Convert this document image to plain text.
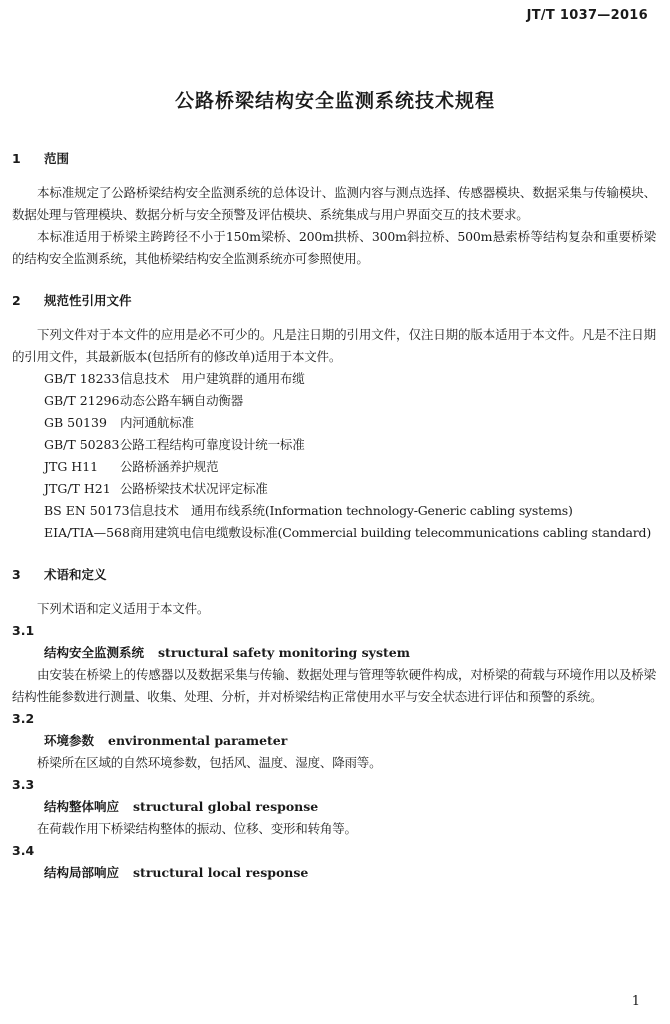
JT/T 1037—2016
公路桥梁结构安全监测系统技术规程
1 范围

本标准规定了公路桥梁结构安全监测系统的总体设计、监测内容与测点选择、传感器模块、数据采集与传输模块、数据处理与管理模块、数据分析与安全预警及评估模块、系统集成与用户界面交互的技术要求。

本标准适用于桥梁主跨跨径不小于150m梁桥、200m拱桥、300m斜拉桥、500m悬索桥等结构复杂和重要桥梁的结构安全监测系统，其他桥梁结构安全监测系统亦可参照使用。

2 规范性引用文件

下列文件对于本文件的应用是必不可少的。凡是注日期的引用文件，仅注日期的版本适用于本文件。凡是不注日期的引用文件，其最新版本(包括所有的修改单)适用于本文件。

GB/T 18233 信息技术　用户建筑群的通用布缆
GB/T 21296 动态公路车辆自动衡器
GB 50139	内河通航标准
GB/T 50283 公路工程结构可靠度设计统一标准
JTG H11	公路桥涵养护规范
JTG/T H21 公路桥梁技术状况评定标准
BS EN 50173 信息技术　通用布线系统(Information technology-Generic cabling systems)
EIA/TIA—568 商用建筑电信电缆敷设标准(Commercial building telecommunications cabling standard)
3 术语和定义

下列术语和定义适用于本文件。

3.1

结构安全监测系统 structural safety monitoring system

由安装在桥梁上的传感器以及数据采集与传输、数据处理与管理等软硬件构成，对桥梁的荷载与环境作用以及桥梁结构性能参数进行测量、收集、处理、分析，并对桥梁结构正常使用水平与安全状态进行评估和预警的系统。

3.2

环境参数 environmental parameter

桥梁所在区域的自然环境参数，包括风、温度、湿度、降雨等。

3.3

结构整体响应 structural global response

在荷载作用下桥梁结构整体的振动、位移、变形和转角等。

3.4

结构局部响应 structural local response

1
